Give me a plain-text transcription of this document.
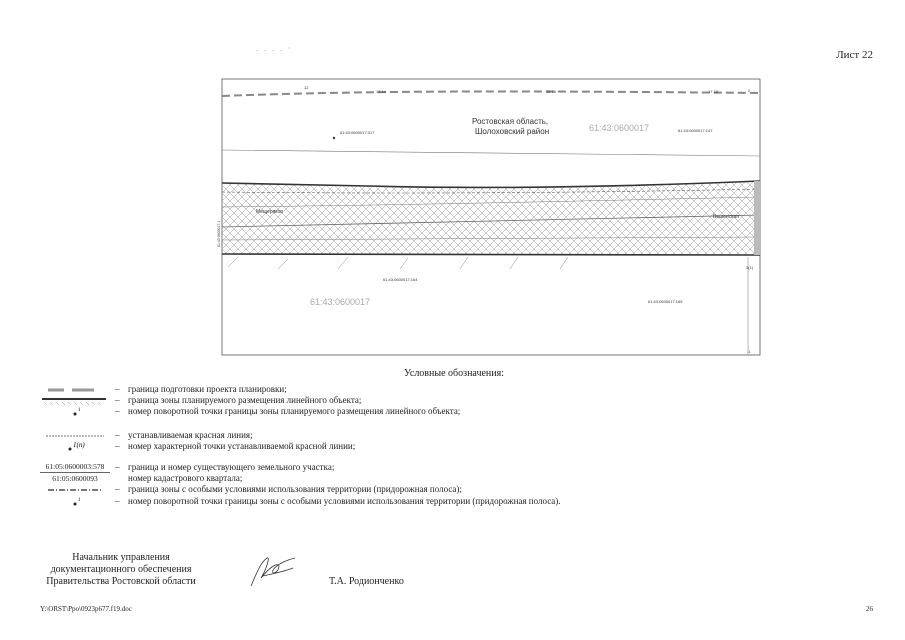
. . . . ·
Лист 22
Ростовская область,
Шолоховский район	61:43:0600017
61:43:0600017
61:43:0600017:317	61:43:0600017:147
61:43:0600017:164
61:43:0600017:165
Мещеряков
Вешенская
12
13 14	15 16	17 18	2
1
3(1)
61:43:0600017:1
Условные обозначения:
– граница подготовки проекта планировки;
– граница зоны планируемого размещения линейного объекта;
1	– номер поворотной точки границы зоны планируемого размещения линейного объекта;
– устанавливаемая красная линия;
1(n)	– номер характерной точки устанавливаемой красной линии;
61:05:0600003:578	– граница и номер существующего земельного участка;
61:05:0600093	номер кадастрового квартала;
– граница зоны с особыми условиями использования территории (придорожная полоса);
1	– номер поворотной точки границы зоны с особыми условиями использования территории (придорожная полоса).
Начальник управления
документационного обеспечения
Правительства Ростовской области	Т.А. Родионченко
Y:\ORST\Ppo\0923p677.f19.doc	26
